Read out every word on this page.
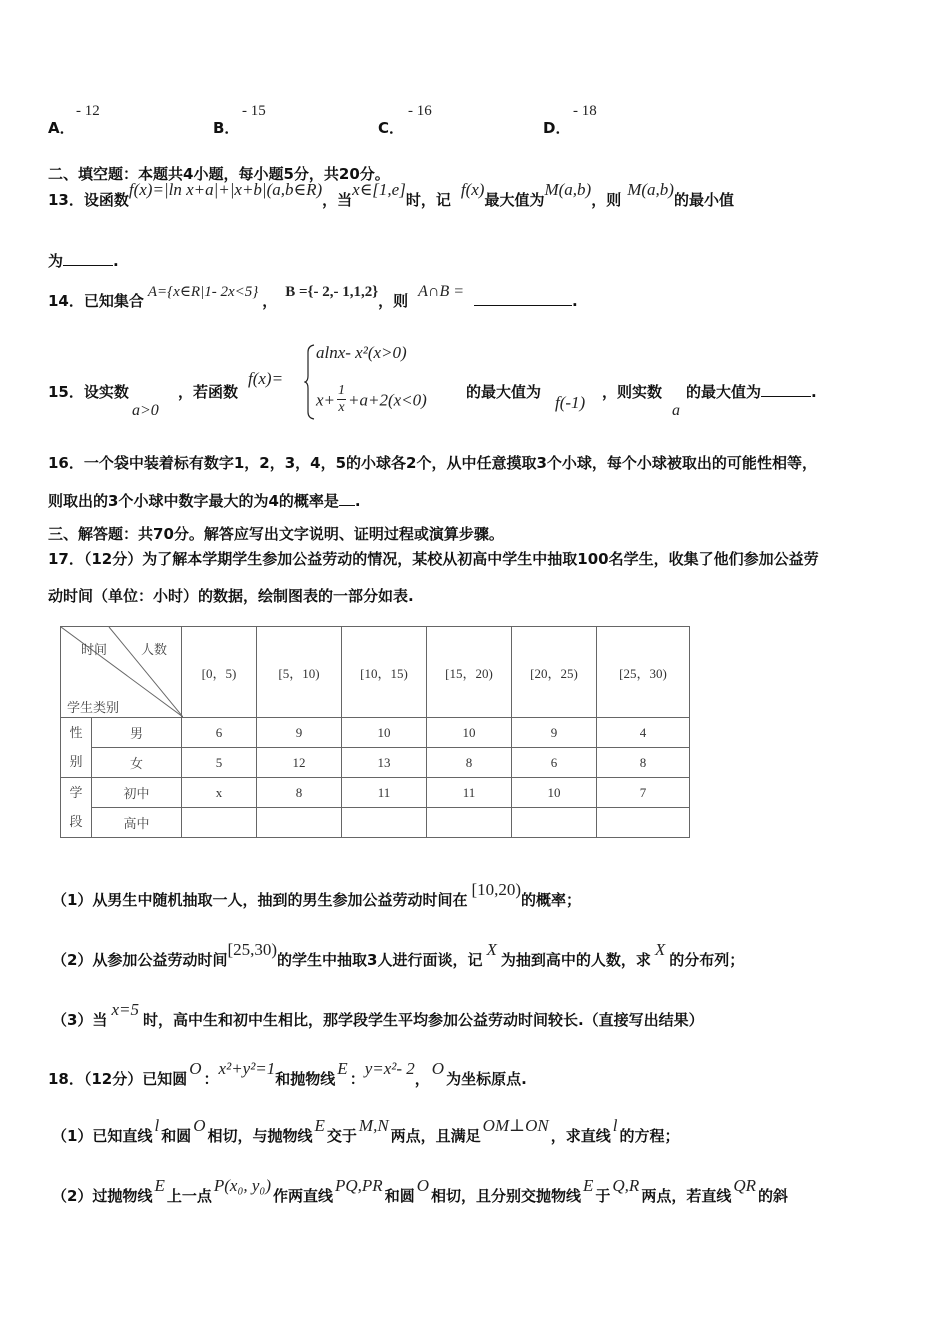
A．
- 12
B．
- 15
C．
- 16
D．
- 18
二、填空题：本题共4小题，每小题5分，共20分。
13．设函数f(x)=|ln x+a|+|x+b|(a,b∈R)，当x∈[1,e]时，记f(x)最大值为M(a,b)，则M(a,b)的最小值
为	.
14．已知集合 A={x∈R|1- 2x<5} ， B ={- 2,- 1,1,2}，则A∩B =.
15．设实数
a>0
，若函数
f(x)=
alnx- x²(x>0)
$x+ \frac{1}{x} +a+2(x<0)$	的最大值为
f(-1)
，则实数
a
的最大值为	.
16．一个袋中装着标有数字1，2，3，4，5的小球各2个，从中任意摸取3个小球，每个小球被取出的可能性相等，
则取出的3个小球中数字最大的为4的概率是 .
三、解答题：共70分。解答应写出文字说明、证明过程或演算步骤。
17．（12分）为了解本学期学生参加公益劳动的情况，某校从初高中学生中抽取100名学生，收集了他们参加公益劳
动时间（单位：小时）的数据，绘制图表的一部分如表.
时间 人数
学生类别		[0，5)	[5，10)	[10，15)	[15，20)	[20，25)	[25，30)

性
别	男	6	9	10	10	9	4
	女	5	12	13	8	6	8

学
段	初中	x	8	11	11	10	7
	高中						
（1）从男生中随机抽取一人，抽到的男生参加公益劳动时间在[10,20)的概率；
（2）从参加公益劳动时间[25,30)的学生中抽取3人进行面谈，记X为抽到高中的人数，求X的分布列；
（3）当x=5时，高中生和初中生相比，那学段学生平均参加公益劳动时间较长.（直接写出结果）
18．（12分）已知圆O：x²+y²=1和抛物线E：y=x²- 2，O为坐标原点.
（1）已知直线l和圆O相切，与抛物线E交于M,N两点，且满足OM⊥ON，求直线l的方程；
（2）过抛物线E上一点P(x₀, y₀)作两直线PQ,PR和圆O相切，且分别交抛物线E于Q,R两点，若直线QR的斜
